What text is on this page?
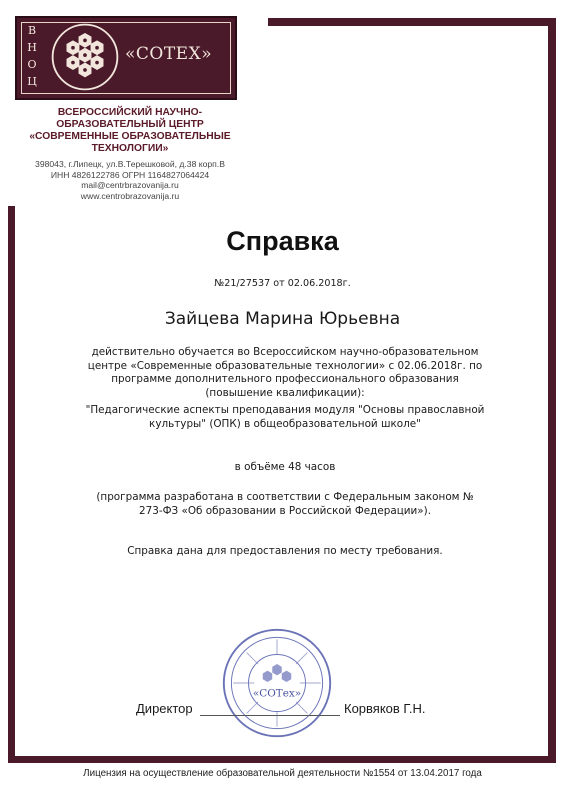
В
Н
О
Ц
«СОТЕХ»
ВСЕРОССИЙСКИЙ НАУЧНО-
ОБРАЗОВАТЕЛЬНЫЙ ЦЕНТР
«СОВРЕМЕННЫЕ ОБРАЗОВАТЕЛЬНЫЕ
ТЕХНОЛОГИИ»
398043, г.Липецк, ул.В.Терешковой, д.38 корп.В
ИНН 4826122786 ОГРН 1164827064424
mail@centrbrazovanija.ru
www.centrobrazovanija.ru
Справка
№21/27537 от 02.06.2018г.
Зайцева Марина Юрьевна
действительно обучается во Всероссийском научно-образовательном
центре «Современные образовательные технологии» с 02.06.2018г. по
программе дополнительного профессионального образования
(повышение квалификации):
"Педагогические аспекты преподавания модуля "Основы православной
культуры" (ОПК) в общеобразовательной школе"
в объёме 48 часов
(программа разработана в соответствии с Федеральным законом №
273-ФЗ «Об образовании в Российской Федерации»).
Справка дана для предоставления по месту требования.
«СОТех»
Директор	Корвяков Г.Н.
Лицензия на осуществление образовательной деятельности №1554 от 13.04.2017 года
